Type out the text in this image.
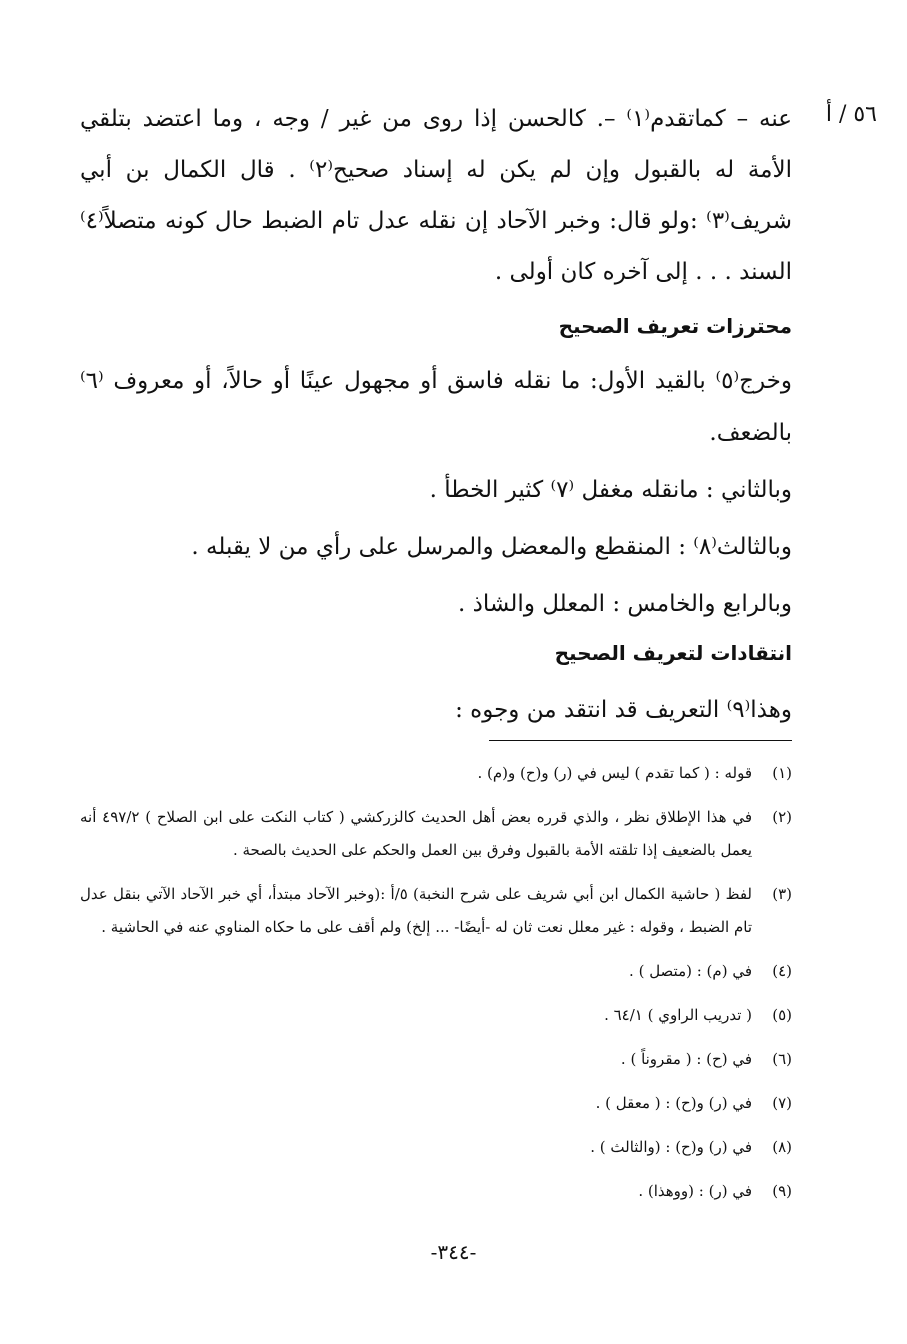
٥٦ / أ
عنه – كماتقدم⁽١⁾ –. كالحسن إذا روى من غير / وجه ، وما اعتضد بتلقي الأمة له بالقبول وإن لم يكن له إسناد صحيح⁽٢⁾ . قال الكمال بن أبي شريف⁽٣⁾ :ولو قال: وخبر الآحاد إن نقله عدل تام الضبط حال كونه متصلاً⁽٤⁾ السند . . . إلى آخره كان أولى .
محترزات تعريف الصحيح
وخرج⁽٥⁾ بالقيد الأول: ما نقله فاسق أو مجهول عينًا أو حالاً، أو معروف ⁽٦⁾ بالضعف.
وبالثاني : مانقله مغفل ⁽٧⁾ كثير الخطأ .
وبالثالث⁽٨⁾ : المنقطع والمعضل والمرسل على رأي من لا يقبله .
وبالرابع والخامس : المعلل والشاذ .
انتقادات لتعريف الصحيح
وهذا⁽٩⁾ التعريف قد انتقد من وجوه :
(١)
قوله : ( كما تقدم ) ليس في (ر) و(ح) و(م) .
(٢)
في هذا الإطلاق نظر ، والذي قرره بعض أهل الحديث كالزركشي ( كتاب النكت على ابن الصلاح ) ٤٩٧/٢ أنه يعمل بالضعيف إذا تلقته الأمة بالقبول وفرق بين العمل والحكم على الحديث بالصحة .
(٣)
لفظ ( حاشية الكمال ابن أبي شريف على شرح النخبة) ٥/أ :(وخبر الآحاد مبتدأ، أي خبر الآحاد الآتي بنقل عدل تام الضبط ، وقوله : غير معلل نعت ثان له -أيضًا- ... إلخ) ولم أقف على ما حكاه المناوي عنه في الحاشية .
(٤)
في (م) : (متصل ) .
(٥)
( تدريب الراوي ) ٦٤/١ .
(٦)
في (ح) : ( مقروناً ) .
(٧)
في (ر) و(ح) : ( معقل ) .
(٨)
في (ر) و(ح) : (والثالث ) .
(٩)
في (ر) : (ووهذا) .
-٣٤٤-
